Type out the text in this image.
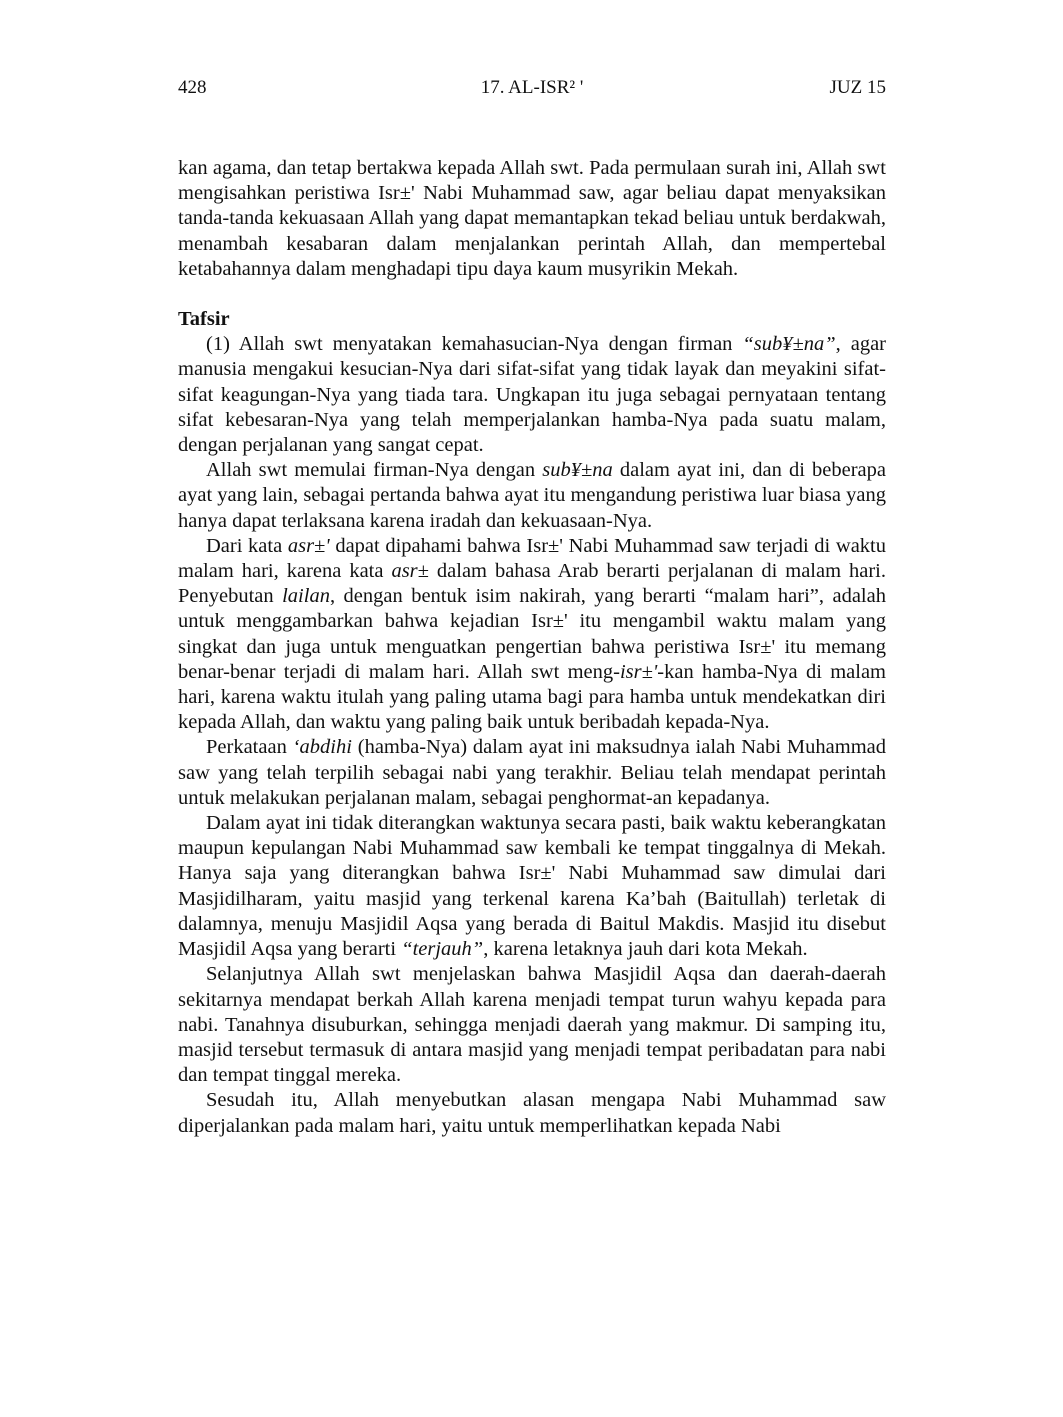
428	17. AL-ISR² '	JUZ 15

kan agama, dan tetap bertakwa kepada Allah swt. Pada permulaan surah ini, Allah swt mengisahkan peristiwa Isr±' Nabi Muhammad saw, agar beliau dapat menyaksikan tanda-tanda kekuasaan Allah yang dapat memantapkan tekad beliau untuk berdakwah, menambah kesabaran dalam menjalankan perintah Allah, dan mempertebal ketabahannya dalam menghadapi tipu daya kaum musyrikin Mekah.

Tafsir

(1) Allah swt menyatakan kemahasucian-Nya dengan firman “sub¥±na”, agar manusia mengakui kesucian-Nya dari sifat-sifat yang tidak layak dan meyakini sifat-sifat keagungan-Nya yang tiada tara. Ungkapan itu juga sebagai pernyataan tentang sifat kebesaran-Nya yang telah memperjalankan hamba-Nya pada suatu malam, dengan perjalanan yang sangat cepat.

Allah swt memulai firman-Nya dengan sub¥±na dalam ayat ini, dan di beberapa ayat yang lain, sebagai pertanda bahwa ayat itu mengandung peristiwa luar biasa yang hanya dapat terlaksana karena iradah dan kekuasaan-Nya.

Dari kata asr±' dapat dipahami bahwa Isr±' Nabi Muhammad saw terjadi di waktu malam hari, karena kata asr± dalam bahasa Arab berarti perjalanan di malam hari. Penyebutan lailan, dengan bentuk isim nakirah, yang berarti “malam hari”, adalah untuk menggambarkan bahwa kejadian Isr±' itu mengambil waktu malam yang singkat dan juga untuk menguatkan pengertian bahwa peristiwa Isr±' itu memang benar-benar terjadi di malam hari. Allah swt meng-isr±'-kan hamba-Nya di malam hari, karena waktu itulah yang paling utama bagi para hamba untuk mendekatkan diri kepada Allah, dan waktu yang paling baik untuk beribadah kepada-Nya.

Perkataan ‘abdihi (hamba-Nya) dalam ayat ini maksudnya ialah Nabi Muhammad saw yang telah terpilih sebagai nabi yang terakhir. Beliau telah mendapat perintah untuk melakukan perjalanan malam, sebagai penghormat-an kepadanya.

Dalam ayat ini tidak diterangkan waktunya secara pasti, baik waktu keberangkatan maupun kepulangan Nabi Muhammad saw kembali ke tempat tinggalnya di Mekah. Hanya saja yang diterangkan bahwa Isr±' Nabi Muhammad saw dimulai dari Masjidilharam, yaitu masjid yang terkenal karena Ka’bah (Baitullah) terletak di dalamnya, menuju Masjidil Aqsa yang berada di Baitul Makdis. Masjid itu disebut Masjidil Aqsa yang berarti “terjauh”, karena letaknya jauh dari kota Mekah.

Selanjutnya Allah swt menjelaskan bahwa Masjidil Aqsa dan daerah-daerah sekitarnya mendapat berkah Allah karena menjadi tempat turun wahyu kepada para nabi. Tanahnya disuburkan, sehingga menjadi daerah yang makmur. Di samping itu, masjid tersebut termasuk di antara masjid yang menjadi tempat peribadatan para nabi dan tempat tinggal mereka.

Sesudah itu, Allah menyebutkan alasan mengapa Nabi Muhammad saw diperjalankan pada malam hari, yaitu untuk memperlihatkan kepada Nabi
